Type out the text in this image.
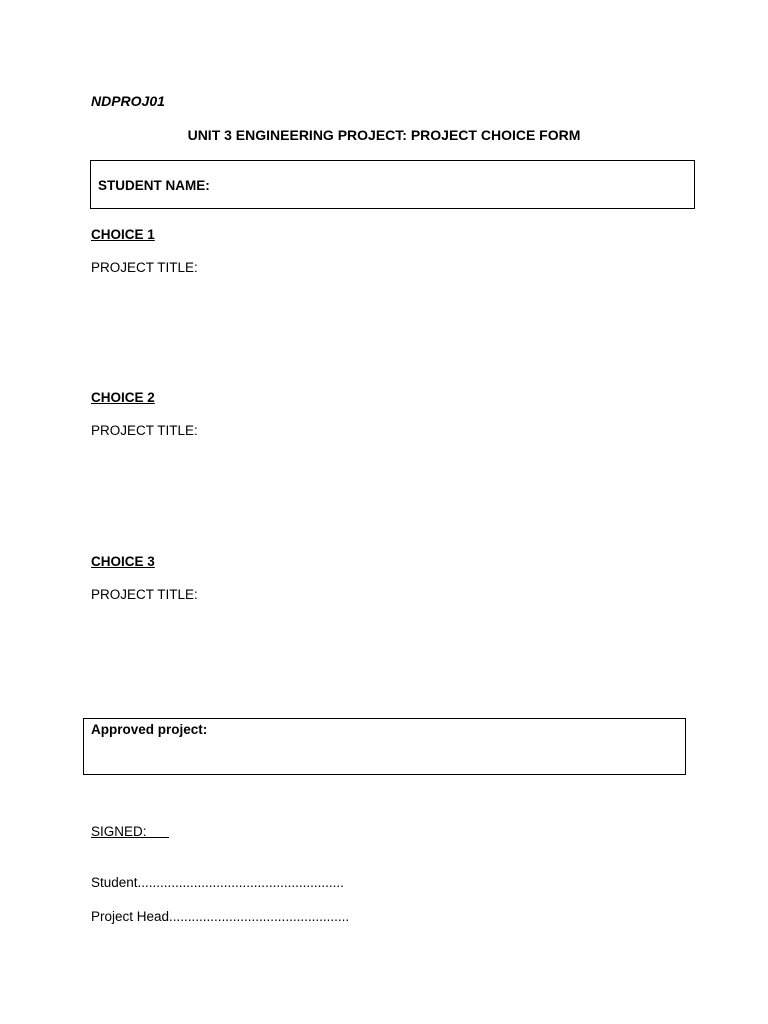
NDPROJ01
UNIT 3 ENGINEERING PROJECT: PROJECT CHOICE FORM
STUDENT NAME:
CHOICE 1
PROJECT TITLE:
CHOICE 2
PROJECT TITLE:
CHOICE 3
PROJECT TITLE:
Approved project:
SIGNED:
Student.......................................................
Project Head................................................
